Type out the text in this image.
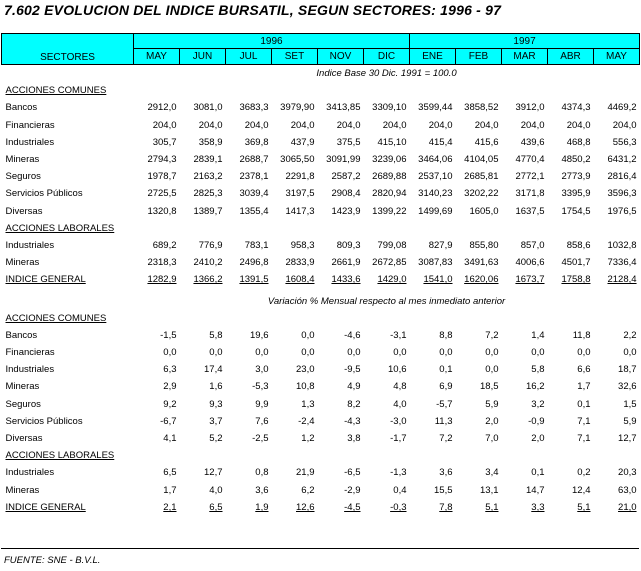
7.602 EVOLUCION DEL INDICE BURSATIL, SEGUN SECTORES: 1996 - 97
SECTORES	1996						1997				
	MAY	JUN	JUL	SET	NOV	DIC	ENE	FEB	MAR	ABR	MAY
	Indice Base 30 Dic. 1991 = 100.0										
ACCIONES COMUNES											
Bancos	2912,0	3081,0	3683,3	3979,90	3413,85	3309,10	3599,44	3858,52	3912,0	4374,3	4469,2
Financieras	204,0	204,0	204,0	204,0	204,0	204,0	204,0	204,0	204,0	204,0	204,0
Industriales	305,7	358,9	369,8	437,9	375,5	415,10	415,4	415,6	439,6	468,8	556,3
Mineras	2794,3	2839,1	2688,7	3065,50	3091,99	3239,06	3464,06	4104,05	4770,4	4850,2	6431,2
Seguros	1978,7	2163,2	2378,1	2291,8	2587,2	2689,88	2537,10	2685,81	2772,1	2773,9	2816,4
Servicios Públicos	2725,5	2825,3	3039,4	3197,5	2908,4	2820,94	3140,23	3202,22	3171,8	3395,9	3596,3
Diversas	1320,8	1389,7	1355,4	1417,3	1423,9	1399,22	1499,69	1605,0	1637,5	1754,5	1976,5
ACCIONES LABORALES											
Industriales	689,2	776,9	783,1	958,3	809,3	799,08	827,9	855,80	857,0	858,6	1032,8
Mineras	2318,3	2410,2	2496,8	2833,9	2661,9	2672,85	3087,83	3491,63	4006,6	4501,7	7336,4
INDICE GENERAL	1282,9	1366,2	1391,5	1608,4	1433,6	1429,0	1541,0	1620,06	1673,7	1758,8	2128,4

	Variación % Mensual respecto al mes inmediato anterior										
ACCIONES COMUNES											
Bancos	-1,5	5,8	19,6	0,0	-4,6	-3,1	8,8	7,2	1,4	11,8	2,2
Financieras	0,0	0,0	0,0	0,0	0,0	0,0	0,0	0,0	0,0	0,0	0,0
Industriales	6,3	17,4	3,0	23,0	-9,5	10,6	0,1	0,0	5,8	6,6	18,7
Mineras	2,9	1,6	-5,3	10,8	4,9	4,8	6,9	18,5	16,2	1,7	32,6
Seguros	9,2	9,3	9,9	1,3	8,2	4,0	-5,7	5,9	3,2	0,1	1,5
Servicios Públicos	-6,7	3,7	7,6	-2,4	-4,3	-3,0	11,3	2,0	-0,9	7,1	5,9
Diversas	4,1	5,2	-2,5	1,2	3,8	-1,7	7,2	7,0	2,0	7,1	12,7
ACCIONES LABORALES											
Industriales	6,5	12,7	0,8	21,9	-6,5	-1,3	3,6	3,4	0,1	0,2	20,3
Mineras	1,7	4,0	3,6	6,2	-2,9	0,4	15,5	13,1	14,7	12,4	63,0
INDICE GENERAL	2,1	6,5	1,9	12,6	-4,5	-0,3	7,8	5,1	3,3	5,1	21,0
FUENTE: SNE - B.V.L.
